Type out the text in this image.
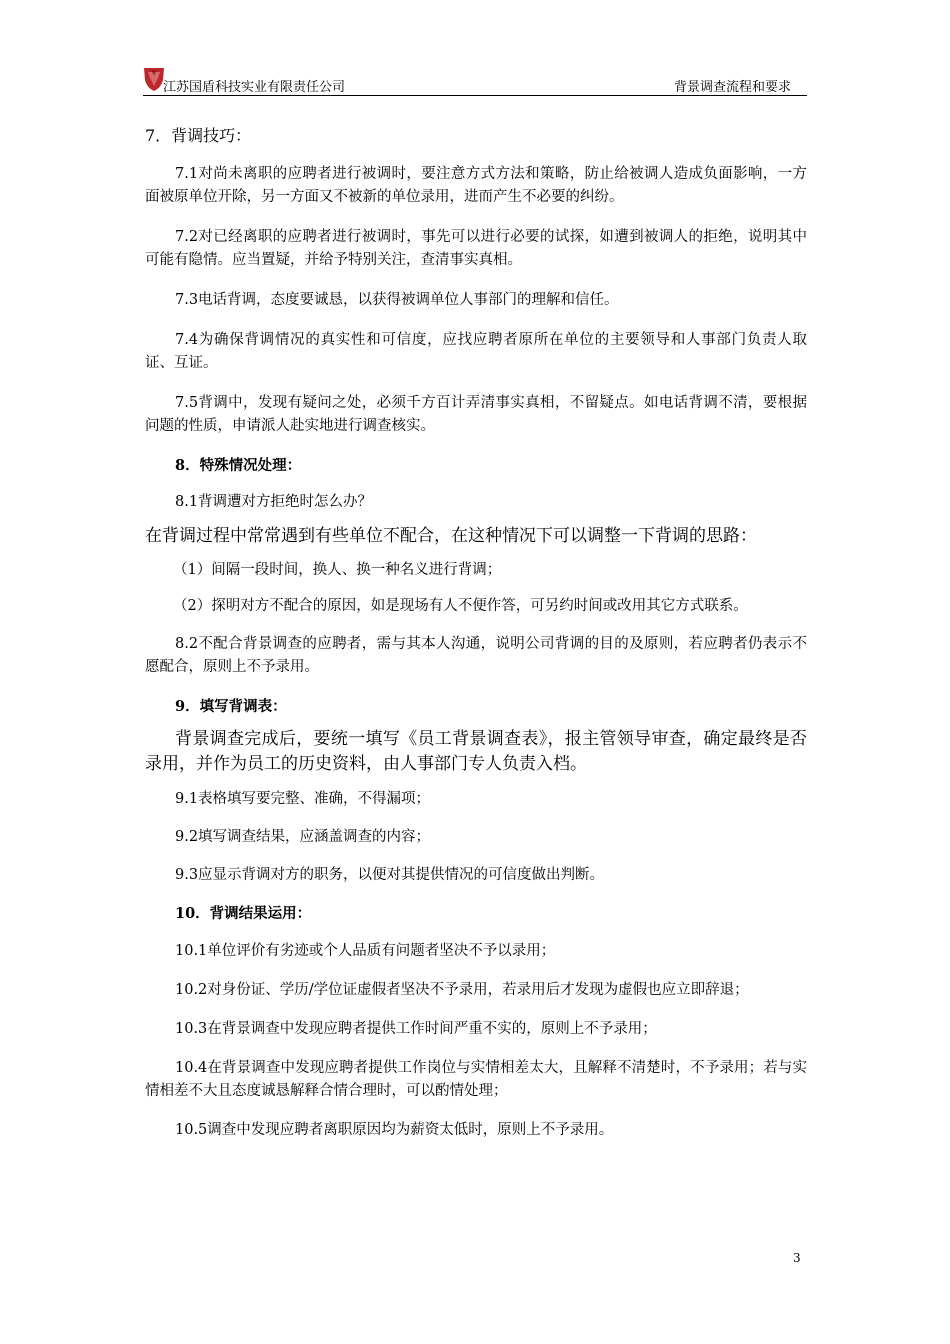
江苏国盾科技实业有限责任公司	背景调查流程和要求

7．背调技巧：

7.1对尚未离职的应聘者进行被调时，要注意方式方法和策略，防止给被调人造成负面影响，一方面被原单位开除，另一方面又不被新的单位录用，进而产生不必要的纠纷。

7.2对已经离职的应聘者进行被调时，事先可以进行必要的试探，如遭到被调人的拒绝，说明其中可能有隐情。应当置疑，并给予特别关注，查清事实真相。

7.3电话背调，态度要诚恳，以获得被调单位人事部门的理解和信任。

7.4为确保背调情况的真实性和可信度，应找应聘者原所在单位的主要领导和人事部门负责人取证、互证。

7.5背调中，发现有疑问之处，必须千方百计弄清事实真相，不留疑点。如电话背调不清，要根据问题的性质，申请派人赴实地进行调查核实。

8．特殊情况处理：

8.1背调遭对方拒绝时怎么办？

在背调过程中常常遇到有些单位不配合，在这种情况下可以调整一下背调的思路：

（1）间隔一段时间，换人、换一种名义进行背调；

（2）探明对方不配合的原因，如是现场有人不便作答，可另约时间或改用其它方式联系。

8.2不配合背景调查的应聘者，需与其本人沟通，说明公司背调的目的及原则，若应聘者仍表示不愿配合，原则上不予录用。

9．填写背调表：

背景调查完成后，要统一填写《员工背景调查表》，报主管领导审查，确定最终是否录用，并作为员工的历史资料，由人事部门专人负责入档。

9.1表格填写要完整、准确，不得漏项；

9.2填写调查结果，应涵盖调查的内容；

9.3应显示背调对方的职务，以便对其提供情况的可信度做出判断。

10．背调结果运用：

10.1单位评价有劣迹或个人品质有问题者坚决不予以录用；

10.2对身份证、学历/学位证虚假者坚决不予录用，若录用后才发现为虚假也应立即辞退；

10.3在背景调查中发现应聘者提供工作时间严重不实的，原则上不予录用；

10.4在背景调查中发现应聘者提供工作岗位与实情相差太大，且解释不清楚时，不予录用；若与实情相差不大且态度诚恳解释合情合理时，可以酌情处理；

10.5调查中发现应聘者离职原因均为薪资太低时，原则上不予录用。

3
